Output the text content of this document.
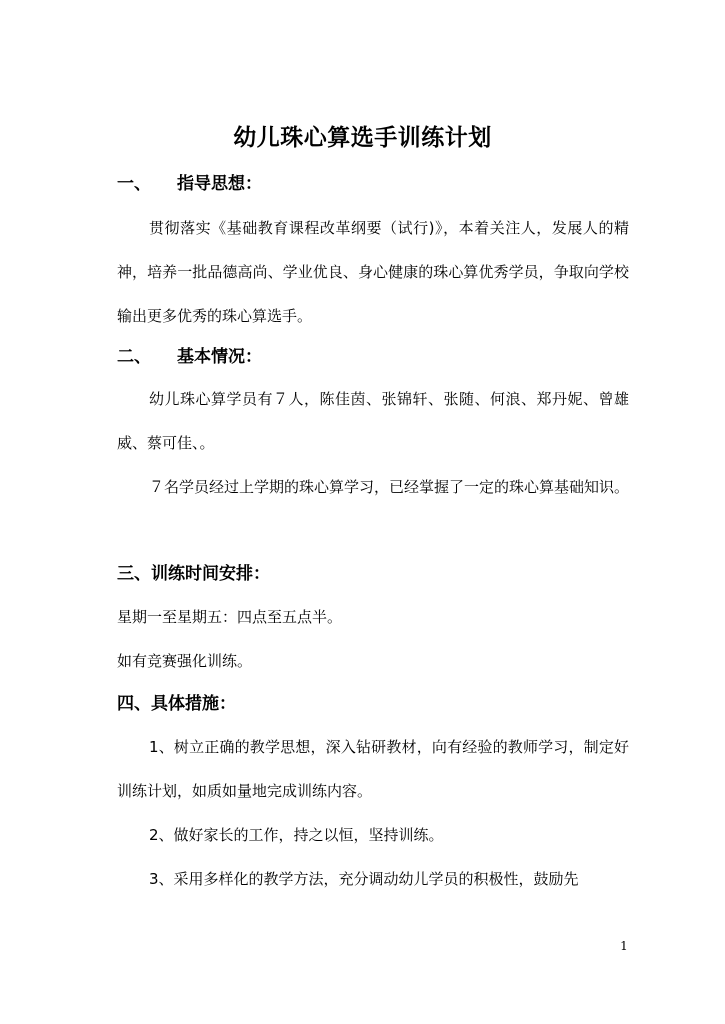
幼儿珠心算选手训练计划
一、 指导思想：
贯彻落实《基础教育课程改革纲要（试行)》，本着关注人，发展人的精神，培养一批品德高尚、学业优良、身心健康的珠心算优秀学员，争取向学校输出更多优秀的珠心算选手。
二、 基本情况：
幼儿珠心算学员有７人，陈佳茵、张锦轩、张随、何浪、郑丹妮、曾雄威、蔡可佳、。
７名学员经过上学期的珠心算学习，已经掌握了一定的珠心算基础知识。
三、训练时间安排：
星期一至星期五：四点至五点半。
如有竞赛强化训练。
四、具体措施：
1、树立正确的教学思想，深入钻研教材，向有经验的教师学习，制定好训练计划，如质如量地完成训练内容。
2、做好家长的工作，持之以恒，坚持训练。
3、采用多样化的教学方法，充分调动幼儿学员的积极性，鼓励先
1
